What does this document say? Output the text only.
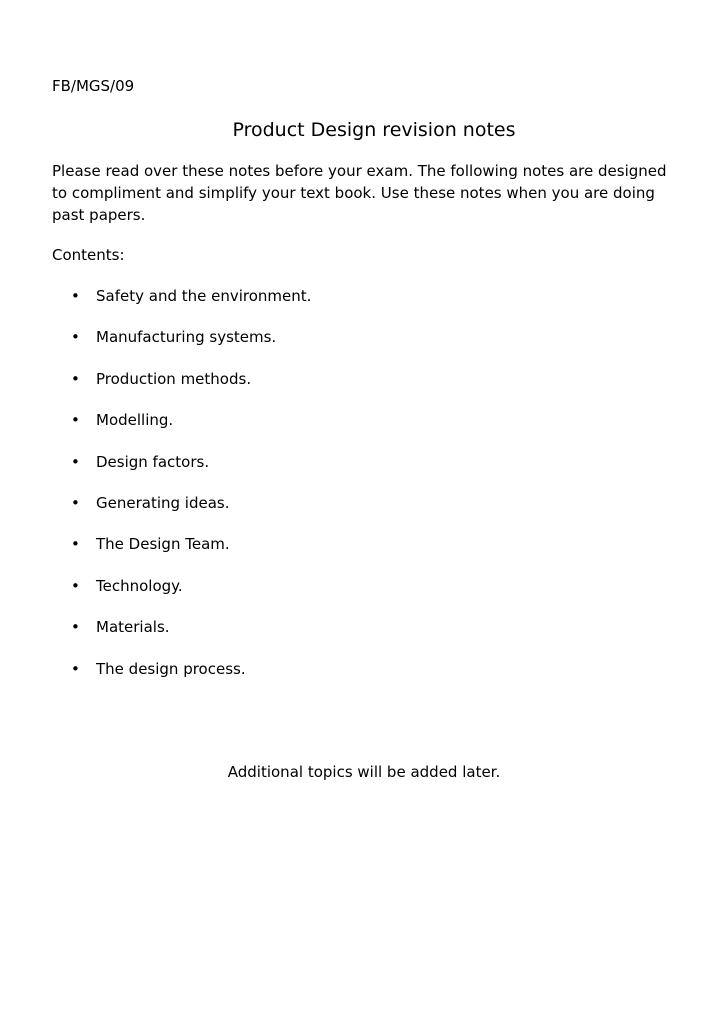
FB/MGS/09
Product Design revision notes
Please read over these notes before your exam. The following notes are designed to compliment and simplify your text book. Use these notes when you are doing past papers.
Contents:
• Safety and the environment.
• Manufacturing systems.
• Production methods.
• Modelling.
• Design factors.
• Generating ideas.
• The Design Team.
• Technology.
• Materials.
• The design process.
Additional topics will be added later.
